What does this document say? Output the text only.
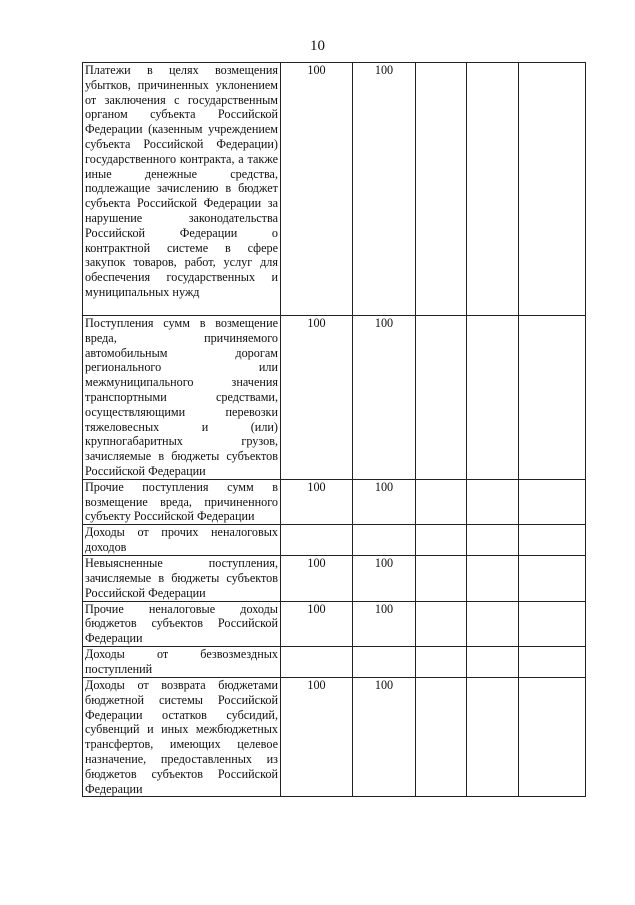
10
Платежи в целях возмещения убытков, причиненных уклонением от заключения с государственным органом субъекта Российской Федерации (казенным учреждением субъекта Российской Федерации) государственного контракта, а также иные денежные средства, подлежащие зачислению в бюджет субъекта Российской Федерации за нарушение законодательства Российской Федерации о контрактной системе в сфере закупок товаров, работ, услуг для обеспечения государственных и муниципальных нужд	100	100			
Поступления сумм в возмещение вреда, причиняемого автомобильным дорогам регионального или межмуниципального значения транспортными средствами, осуществляющими перевозки тяжеловесных и (или) крупногабаритных грузов, зачисляемые в бюджеты субъектов Российской Федерации	100	100			
Прочие поступления сумм в возмещение вреда, причиненного субъекту Российской Федерации	100	100			
Доходы от прочих неналоговых доходов					
Невыясненные поступления, зачисляемые в бюджеты субъектов Российской Федерации	100	100			
Прочие неналоговые доходы бюджетов субъектов Российской Федерации	100	100			
Доходы от безвозмездных поступлений					
Доходы от возврата бюджетами бюджетной системы Российской Федерации остатков субсидий, субвенций и иных межбюджетных трансфертов, имеющих целевое назначение, предоставленных из бюджетов субъектов Российской Федерации	100	100			
